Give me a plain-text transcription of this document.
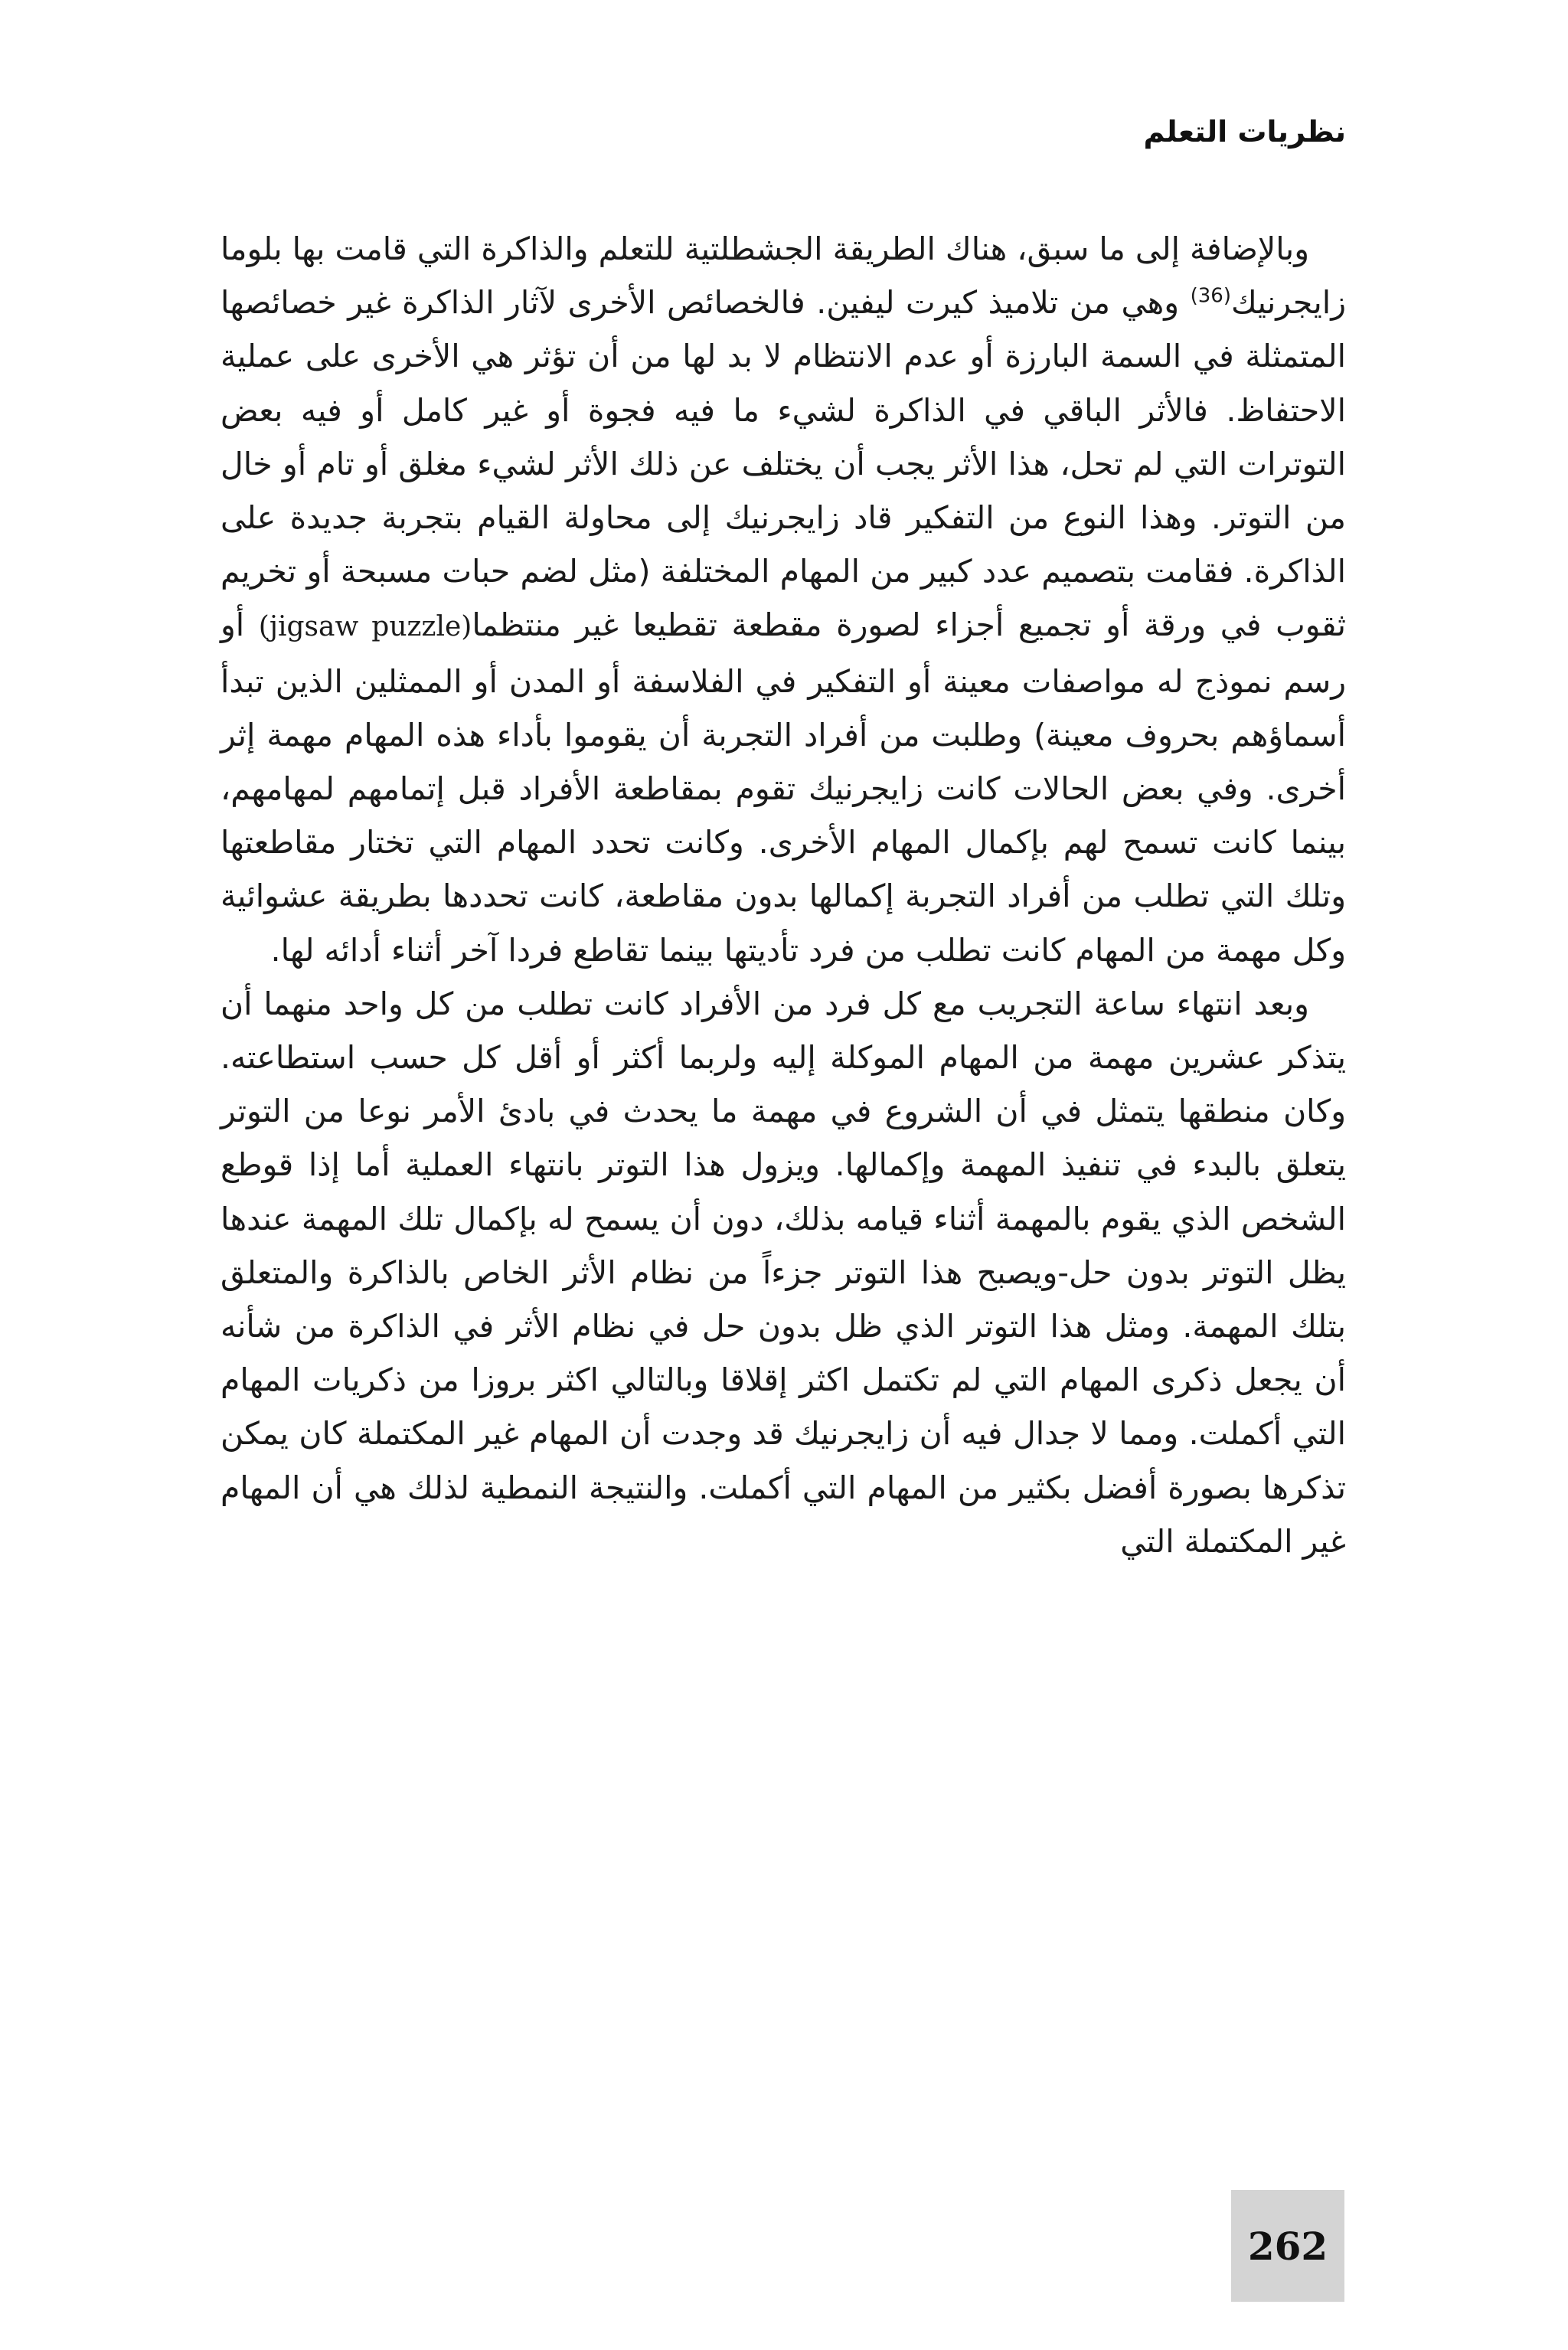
نظريات التعلم

وبالإضافة إلى ما سبق، هناك الطريقة الجشطلتية للتعلم والذاكرة التي قامت بها بلوما زايجرنيك$^{(36)}$ وهي من تلاميذ كيرت ليفين. فالخصائص الأخرى لآثار الذاكرة غير خصائصها المتمثلة في السمة البارزة أو عدم الانتظام لا بد لها من أن تؤثر هي الأخرى على عملية الاحتفاظ. فالأثر الباقي في الذاكرة لشيء ما فيه فجوة أو غير كامل أو فيه بعض التوترات التي لم تحل، هذا الأثر يجب أن يختلف عن ذلك الأثر لشيء مغلق أو تام أو خال من التوتر. وهذا النوع من التفكير قاد زايجرنيك إلى محاولة القيام بتجربة جديدة على الذاكرة. فقامت بتصميم عدد كبير من المهام المختلفة (مثل لضم حبات مسبحة أو تخريم ثقوب في ورقة أو تجميع أجزاء لصورة مقطعة تقطيعا غير منتظما(jigsaw puzzle) أو رسم نموذج له مواصفات معينة أو التفكير في الفلاسفة أو المدن أو الممثلين الذين تبدأ أسماؤهم بحروف معينة) وطلبت من أفراد التجربة أن يقوموا بأداء هذه المهام مهمة إثر أخرى. وفي بعض الحالات كانت زايجرنيك تقوم بمقاطعة الأفراد قبل إتمامهم لمهامهم، بينما كانت تسمح لهم بإكمال المهام الأخرى. وكانت تحدد المهام التي تختار مقاطعتها وتلك التي تطلب من أفراد التجربة إكمالها بدون مقاطعة، كانت تحددها بطريقة عشوائية وكل مهمة من المهام كانت تطلب من فرد تأديتها بينما تقاطع فردا آخر أثناء أدائه لها.

وبعد انتهاء ساعة التجريب مع كل فرد من الأفراد كانت تطلب من كل واحد منهما أن يتذكر عشرين مهمة من المهام الموكلة إليه ولربما أكثر أو أقل كل حسب استطاعته. وكان منطقها يتمثل في أن الشروع في مهمة ما يحدث في بادئ الأمر نوعا من التوتر يتعلق بالبدء في تنفيذ المهمة وإكمالها. ويزول هذا التوتر بانتهاء العملية أما إذا قوطع الشخص الذي يقوم بالمهمة أثناء قيامه بذلك، دون أن يسمح له بإكمال تلك المهمة عندها يظل التوتر بدون حل-ويصبح هذا التوتر جزءاً من نظام الأثر الخاص بالذاكرة والمتعلق بتلك المهمة. ومثل هذا التوتر الذي ظل بدون حل في نظام الأثر في الذاكرة من شأنه أن يجعل ذكرى المهام التي لم تكتمل اكثر إقلاقا وبالتالي اكثر بروزا من ذكريات المهام التي أكملت. ومما لا جدال فيه أن زايجرنيك قد وجدت أن المهام غير المكتملة كان يمكن تذكرها بصورة أفضل بكثير من المهام التي أكملت. والنتيجة النمطية لذلك هي أن المهام غير المكتملة التي

262
